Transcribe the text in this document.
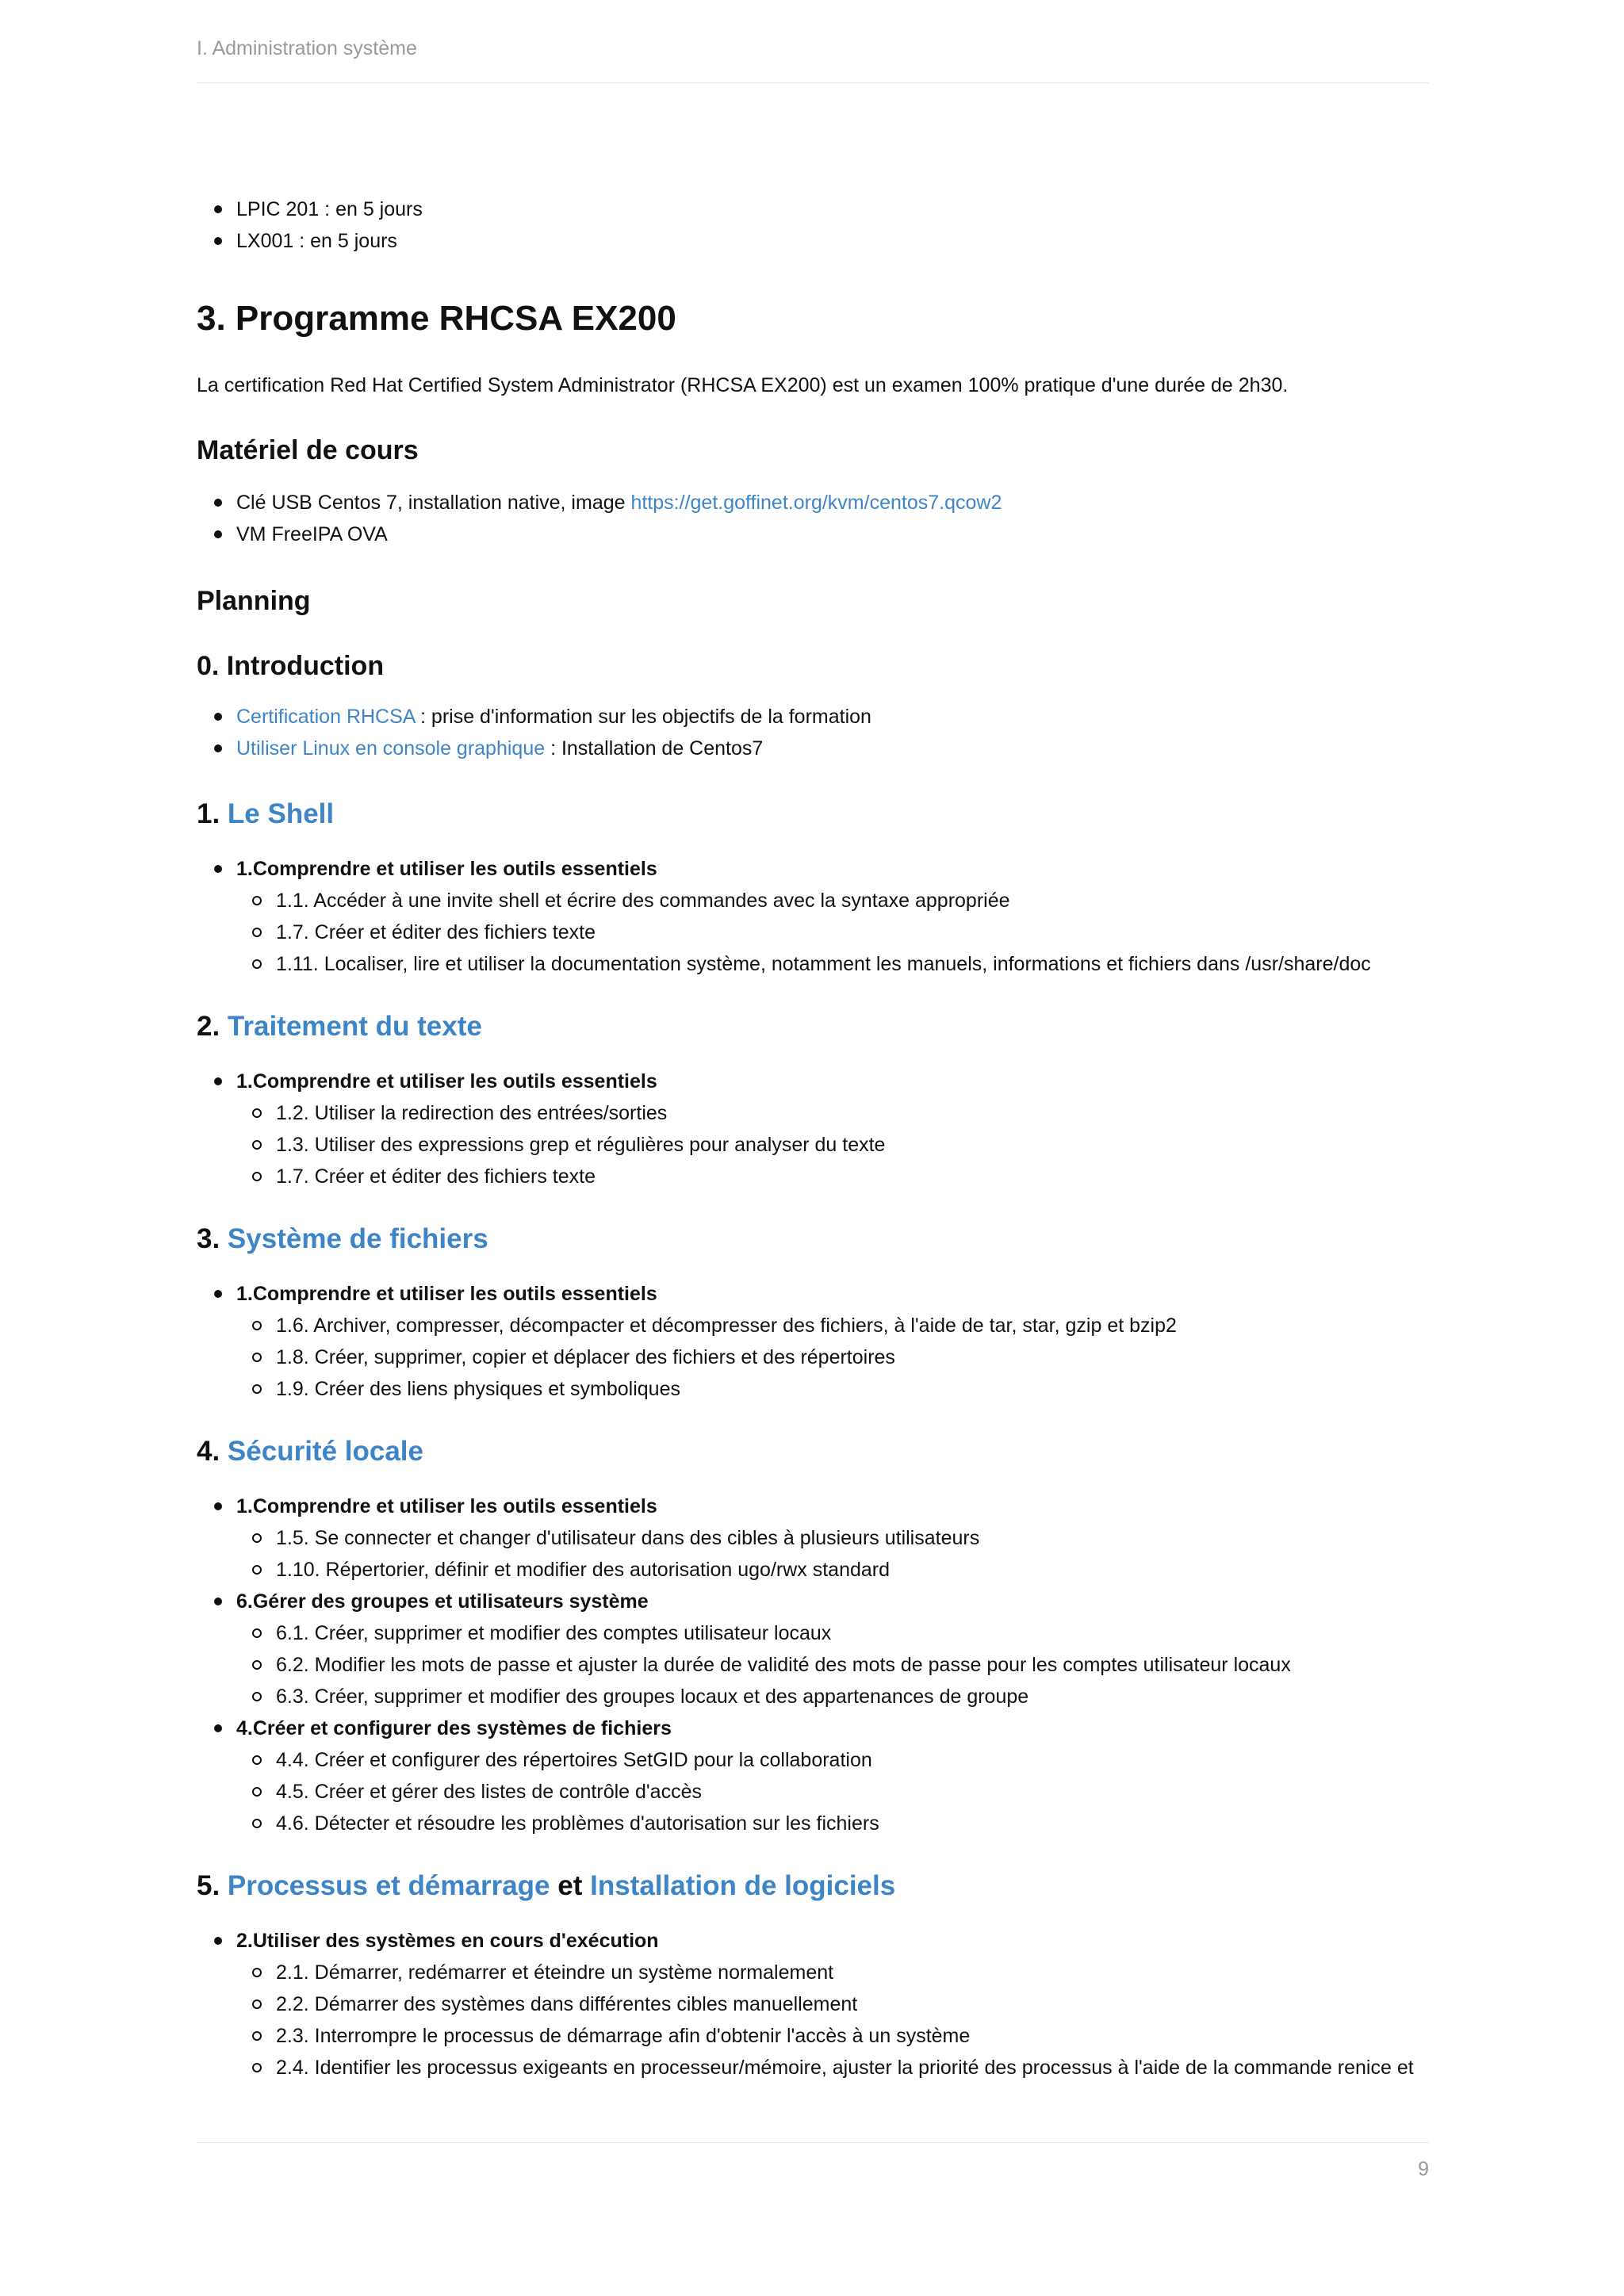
I. Administration système
LPIC 201 : en 5 jours
LX001 : en 5 jours
3. Programme RHCSA EX200

La certification Red Hat Certified System Administrator (RHCSA EX200) est un examen 100% pratique d'une durée de 2h30.

Matériel de cours
Clé USB Centos 7, installation native, image https://get.goffinet.org/kvm/centos7.qcow2
VM FreeIPA OVA
Planning
0. Introduction
Certification RHCSA : prise d'information sur les objectifs de la formation
Utiliser Linux en console graphique : Installation de Centos7
1. Le Shell
1.Comprendre et utiliser les outils essentiels
1.1. Accéder à une invite shell et écrire des commandes avec la syntaxe appropriée
1.7. Créer et éditer des fichiers texte
1.11. Localiser, lire et utiliser la documentation système, notamment les manuels, informations et fichiers dans /usr/share/doc
2. Traitement du texte
1.Comprendre et utiliser les outils essentiels
1.2. Utiliser la redirection des entrées/sorties
1.3. Utiliser des expressions grep et régulières pour analyser du texte
1.7. Créer et éditer des fichiers texte
3. Système de fichiers
1.Comprendre et utiliser les outils essentiels
1.6. Archiver, compresser, décompacter et décompresser des fichiers, à l'aide de tar, star, gzip et bzip2
1.8. Créer, supprimer, copier et déplacer des fichiers et des répertoires
1.9. Créer des liens physiques et symboliques
4. Sécurité locale
1.Comprendre et utiliser les outils essentiels
1.5. Se connecter et changer d'utilisateur dans des cibles à plusieurs utilisateurs
1.10. Répertorier, définir et modifier des autorisation ugo/rwx standard
6.Gérer des groupes et utilisateurs système
6.1. Créer, supprimer et modifier des comptes utilisateur locaux
6.2. Modifier les mots de passe et ajuster la durée de validité des mots de passe pour les comptes utilisateur locaux
6.3. Créer, supprimer et modifier des groupes locaux et des appartenances de groupe
4.Créer et configurer des systèmes de fichiers
4.4. Créer et configurer des répertoires SetGID pour la collaboration
4.5. Créer et gérer des listes de contrôle d'accès
4.6. Détecter et résoudre les problèmes d'autorisation sur les fichiers
5. Processus et démarrage et Installation de logiciels
2.Utiliser des systèmes en cours d'exécution
2.1. Démarrer, redémarrer et éteindre un système normalement
2.2. Démarrer des systèmes dans différentes cibles manuellement
2.3. Interrompre le processus de démarrage afin d'obtenir l'accès à un système
2.4. Identifier les processus exigeants en processeur/mémoire, ajuster la priorité des processus à l'aide de la commande renice et
9
